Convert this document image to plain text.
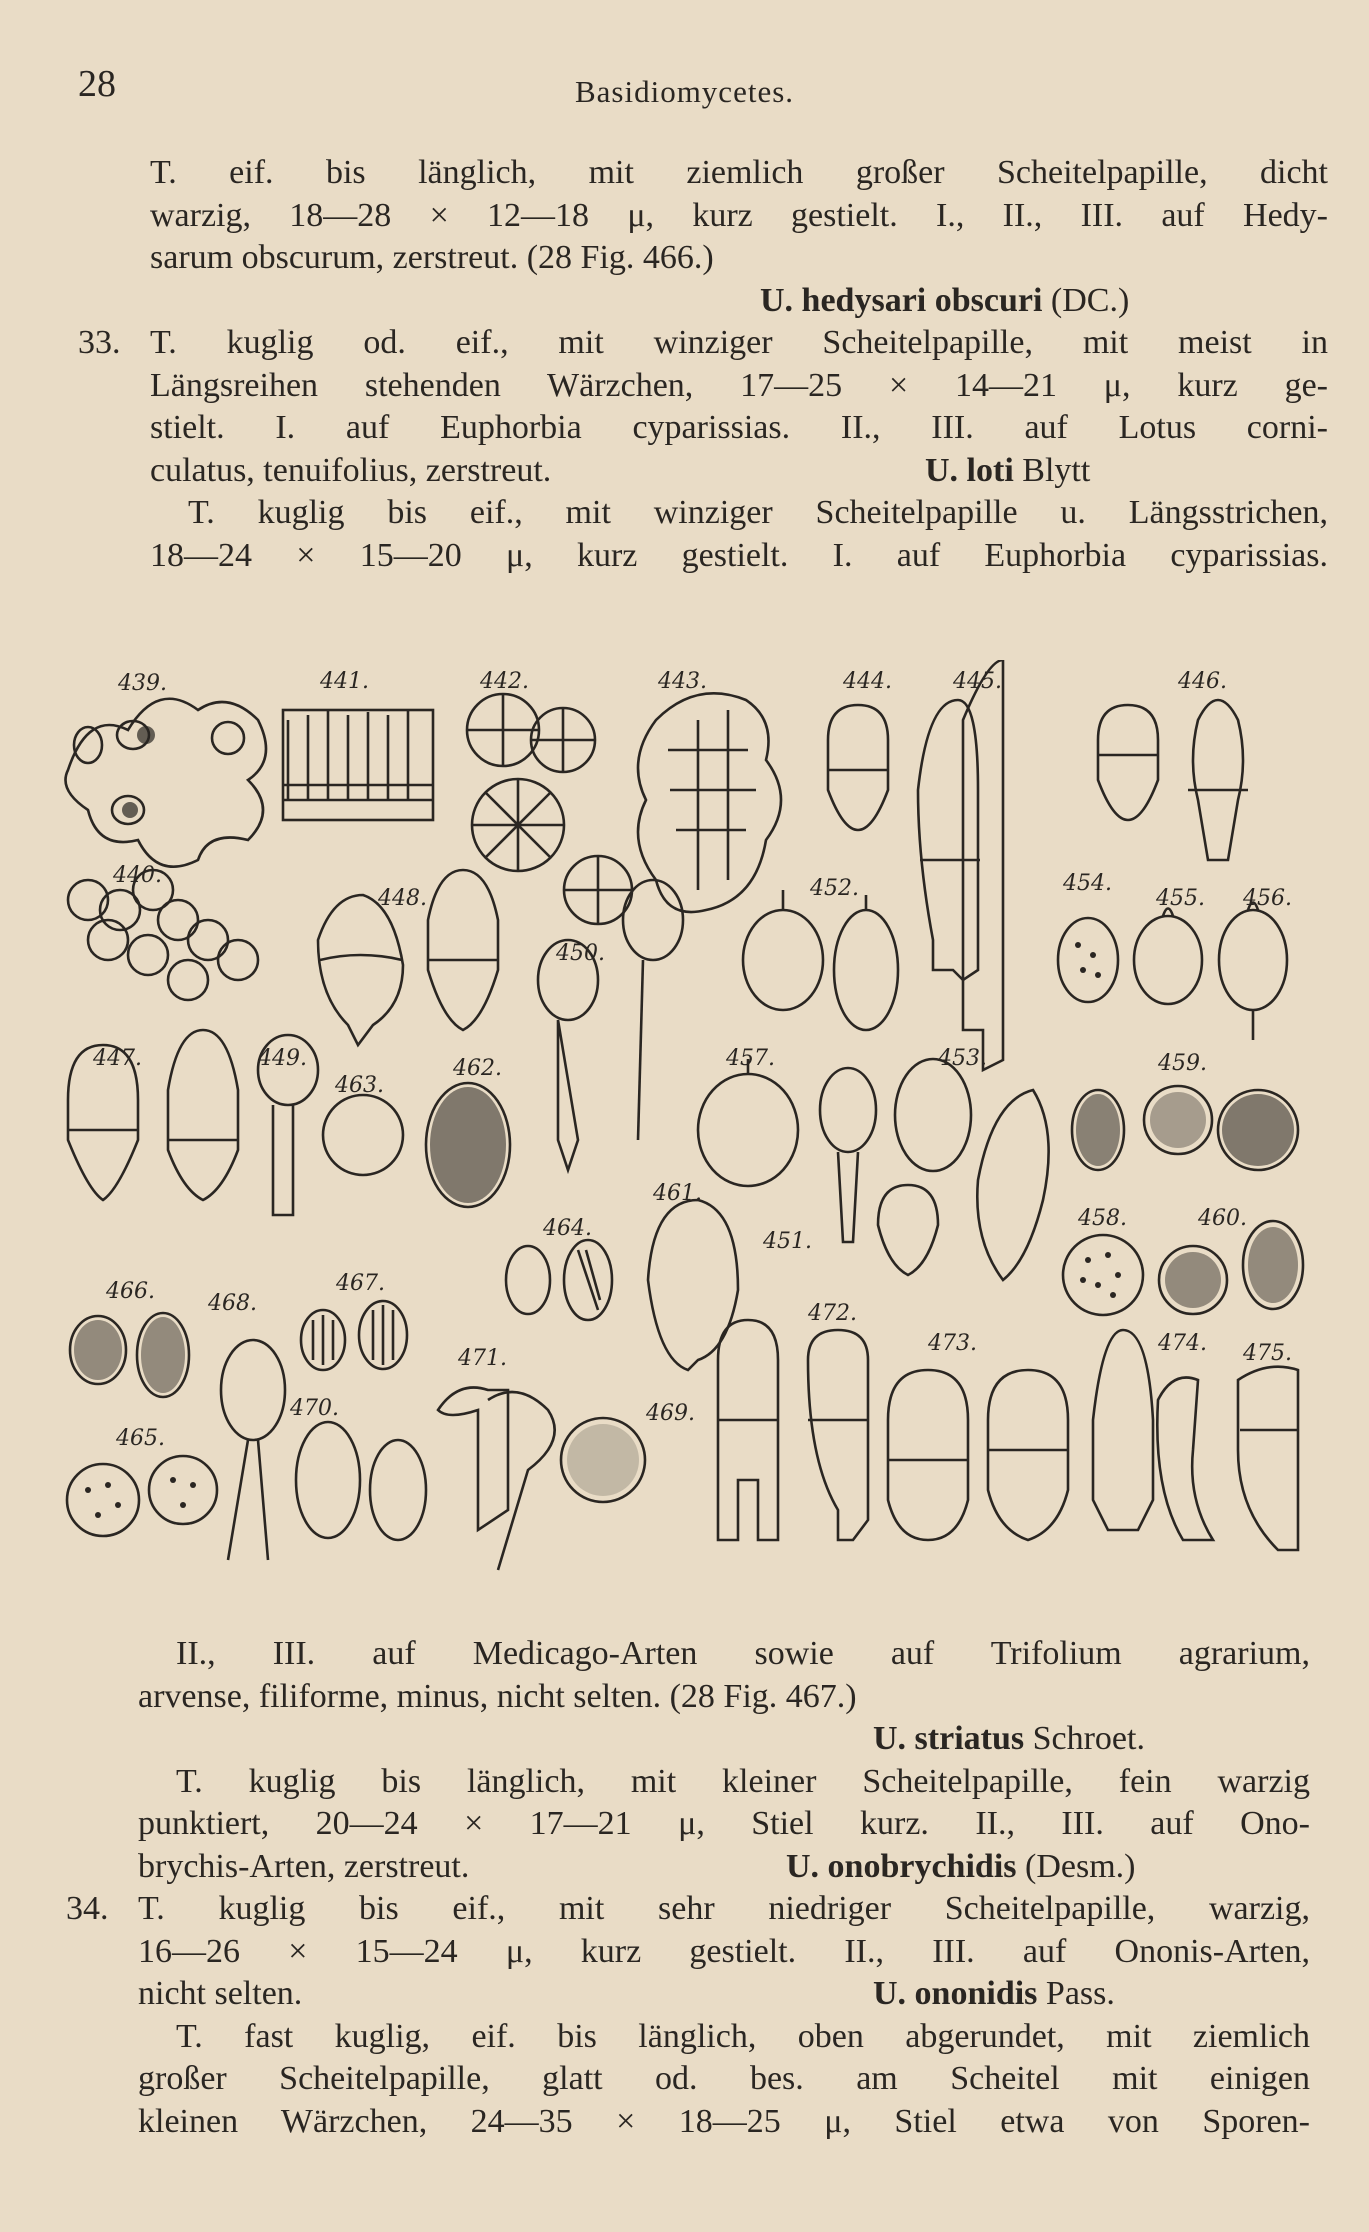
28	Basidiomycetes.
T. eif. bis länglich, mit ziemlich großer Scheitelpapille, dicht
warzig, 18—28 × 12—18 μ, kurz gestielt. I., II., III. auf Hedy-
sarum obscurum, zerstreut. (28 Fig. 466.)
U. hedysari obscuri (DC.)
33. T. kuglig od. eif., mit winziger Scheitelpapille, mit meist in
Längsreihen stehenden Wärzchen, 17—25 × 14—21 μ, kurz ge-
stielt. I. auf Euphorbia cyparissias. II., III. auf Lotus corni-
culatus, tenuifolius, zerstreut.	U. loti Blytt
T. kuglig bis eif., mit winziger Scheitelpapille u. Längsstrichen,
18—24 × 15—20 μ, kurz gestielt. I. auf Euphorbia cyparissias.
439.	441.	442.	443.	444.	445.	446.
440.
448.
450.
452.	454.
455. 456.
447.	449.
463.
462.	457.	453.	459.
461.
451.
464.	458.	460.
466. 468.
467.
471.
469.
472.
473.	474. 475.
470.
465.
II., III. auf Medicago-Arten sowie auf Trifolium agrarium,
arvense, filiforme, minus, nicht selten. (28 Fig. 467.)
U. striatus Schroet.
T. kuglig bis länglich, mit kleiner Scheitelpapille, fein warzig
punktiert, 20—24 × 17—21 μ, Stiel kurz. II., III. auf Ono-
brychis-Arten, zerstreut.	U. onobrychidis (Desm.)
34. T. kuglig bis eif., mit sehr niedriger Scheitelpapille, warzig,
16—26 × 15—24 μ, kurz gestielt. II., III. auf Ononis-Arten,
nicht selten.	U. ononidis Pass.
T. fast kuglig, eif. bis länglich, oben abgerundet, mit ziemlich
großer Scheitelpapille, glatt od. bes. am Scheitel mit einigen
kleinen Wärzchen, 24—35 × 18—25 μ, Stiel etwa von Sporen-
